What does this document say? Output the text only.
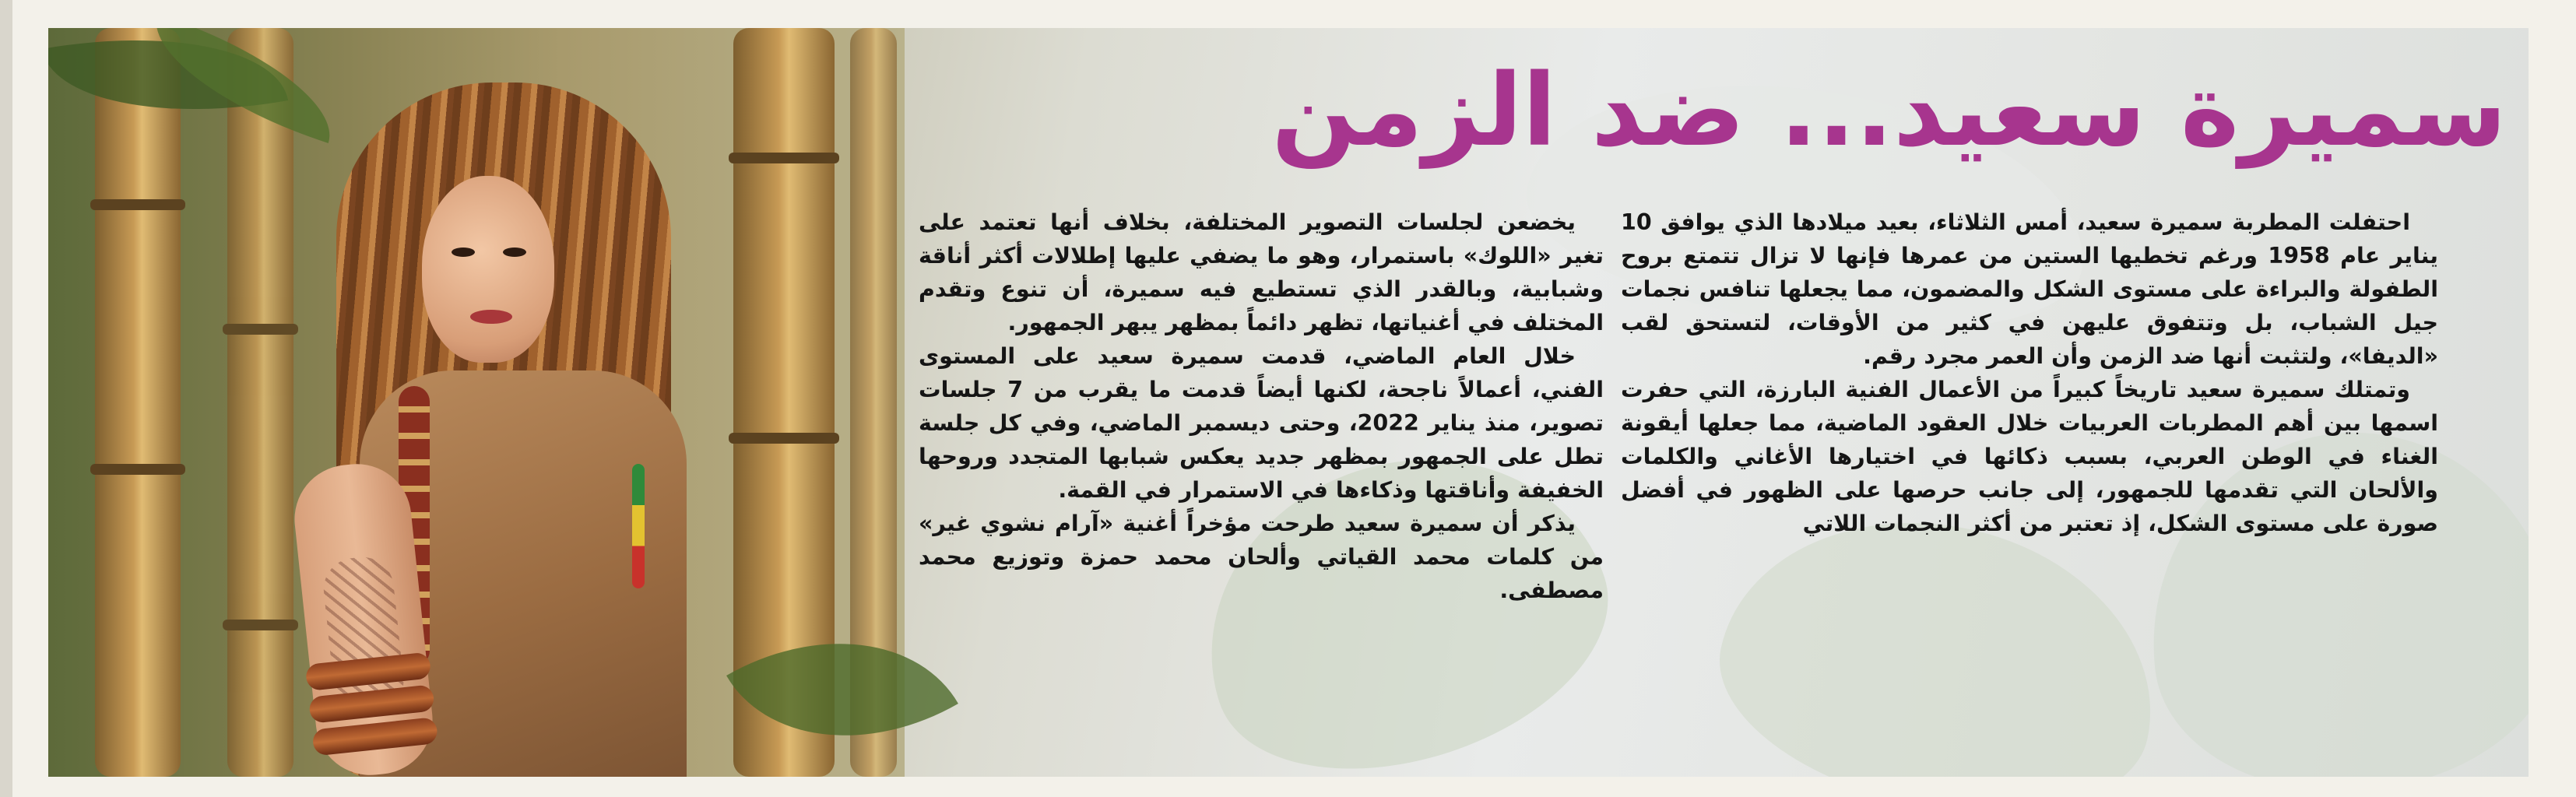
سميرة سعيد... ضد الزمن

احتفلت المطربة سميرة سعيد، أمس الثلاثاء، بعيد ميلادها الذي يوافق 10 يناير عام 1958 ورغم تخطيها الستين من عمرها فإنها لا تزال تتمتع بروح الطفولة والبراءة على مستوى الشكل والمضمون، مما يجعلها تنافس نجمات جيل الشباب، بل وتتفوق عليهن في كثير من الأوقات، لتستحق لقب «الديفا»، ولتثبت أنها ضد الزمن وأن العمر مجرد رقم.

وتمتلك سميرة سعيد تاريخاً كبيراً من الأعمال الفنية البارزة، التي حفرت اسمها بين أهم المطربات العربيات خلال العقود الماضية، مما جعلها أيقونة الغناء في الوطن العربي، بسبب ذكائها في اختيارها الأغاني والكلمات والألحان التي تقدمها للجمهور، إلى جانب حرصها على الظهور في أفضل صورة على مستوى الشكل، إذ تعتبر من أكثر النجمات اللاتي

يخضعن لجلسات التصوير المختلفة، بخلاف أنها تعتمد على تغير «اللوك» باستمرار، وهو ما يضفي عليها إطلالات أكثر أناقة وشبابية، وبالقدر الذي تستطيع فيه سميرة، أن تنوع وتقدم المختلف في أغنياتها، تظهر دائماً بمظهر يبهر الجمهور.

خلال العام الماضي، قدمت سميرة سعيد على المستوى الفني، أعمالاً ناجحة، لكنها أيضاً قدمت ما يقرب من 7 جلسات تصوير، منذ يناير 2022، وحتى ديسمبر الماضي، وفي كل جلسة تطل على الجمهور بمظهر جديد يعكس شبابها المتجدد وروحها الخفيفة وأناقتها وذكاءها في الاستمرار في القمة.

يذكر أن سميرة سعيد طرحت مؤخراً أغنية «آرام نشوي غير» من كلمات محمد القياتي وألحان محمد حمزة وتوزيع محمد مصطفى.
